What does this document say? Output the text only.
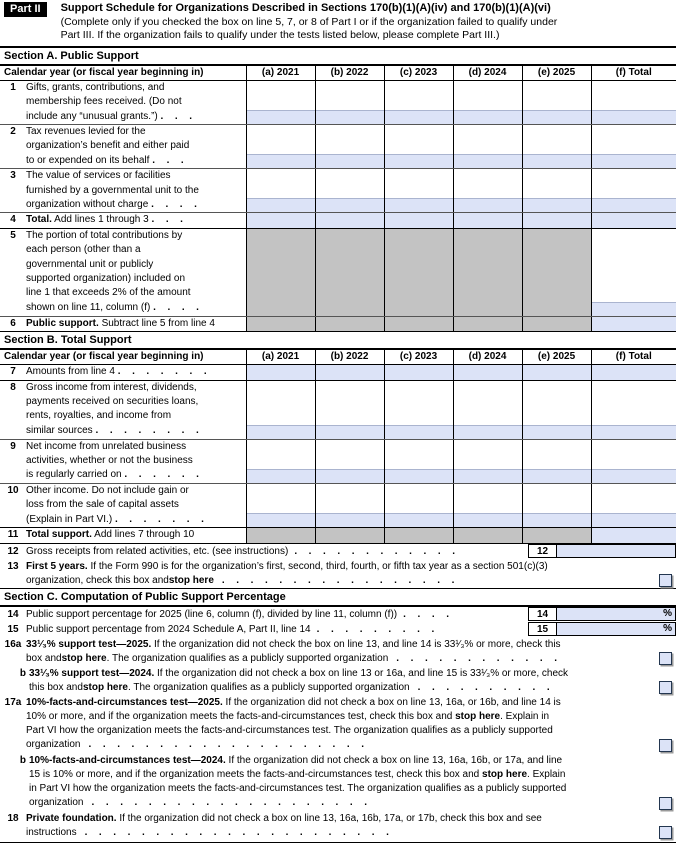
Part II	Support Schedule for Organizations Described in Sections 170(b)(1)(A)(iv) and 170(b)(1)(A)(vi)
(Complete only if you checked the box on line 5, 7, or 8 of Part I or if the organization failed to qualify under
Part III. If the organization fails to qualify under the tests listed below, please complete Part III.)
Section A. Public Support
Calendar year (or fiscal year beginning in)		(a) 2021	(b) 2022	(c) 2023	(d) 2024	(e) 2025	(f) Total
1	Gifts, grants, contributions, and
membership fees received. (Do not
include any “unusual grants.”) . . .						

2	Tax revenues levied for the
organization’s benefit and either paid
to or expended on its behalf . . .						

3	The value of services or facilities
furnished by a governmental unit to the
organization without charge . . . .						

4	Total. Add lines 1 through 3 . . .						

5	The portion of total contributions by
each person (other than a
governmental unit or publicly
supported organization) included on
line 1 that exceeds 2% of the amount
shown on line 11, column (f) . . . .

6	Public support. Subtract line 5 from line 4						

Section B. Total Support
Calendar year (or fiscal year beginning in)		(a) 2021	(b) 2022	(c) 2023	(d) 2024	(e) 2025	(f) Total
7	Amounts from line 4 . . . . . . .						

8	Gross income from interest, dividends,
payments received on securities loans,
rents, royalties, and income from
similar sources . . . . . . . .						

9	Net income from unrelated business
activities, whether or not the business
is regularly carried on . . . . . .						

10	Other income. Do not include gain or
loss from the sale of capital assets
(Explain in Part VI.) . . . . . . .						

11	Total support. Add lines 7 through 10						

12 Gross receipts from related activities, etc. (see instructions) . . . . . . . . . . . .	12
13 First 5 years. If the Form 990 is for the organization’s first, second, third, fourth, or fifth tax year as a section 501(c)(3)
organization, check this box and stop here . . . . . . . . . . . . . . . . .
Section C. Computation of Public Support Percentage
14 Public support percentage for 2025 (line 6, column (f), divided by line 11, column (f)) . . . .	14	%
15 Public support percentage from 2024 Schedule A, Part II, line 14 . . . . . . . . .	15	%
16a 33¹⁄₃% support test—2025. If the organization did not check the box on line 13, and line 14 is 33¹⁄₃% or more, check this
box and stop here . The organization qualifies as a publicly supported organization . . . . . . . . . . . .
b 33¹⁄₃% support test—2024. If the organization did not check a box on line 13 or 16a, and line 15 is 33¹⁄₃% or more, check
this box and stop here . The organization qualifies as a publicly supported organization . . . . . . . . . .
17a 10%-facts-and-circumstances test—2025. If the organization did not check a box on line 13, 16a, or 16b, and line 14 is
10% or more, and if the organization meets the facts-and-circumstances test, check this box and stop here. Explain in
Part VI how the organization meets the facts-and-circumstances test. The organization qualifies as a publicly supported
organization . . . . . . . . . . . . . . . . . . . .
b 10%-facts-and-circumstances test—2024. If the organization did not check a box on line 13, 16a, 16b, or 17a, and line
15 is 10% or more, and if the organization meets the facts-and-circumstances test, check this box and stop here. Explain
in Part VI how the organization meets the facts-and-circumstances test. The organization qualifies as a publicly supported
organization . . . . . . . . . . . . . . . . . . . .
18 Private foundation. If the organization did not check a box on line 13, 16a, 16b, 17a, or 17b, check this box and see
instructions . . . . . . . . . . . . . . . . . . . . . .
